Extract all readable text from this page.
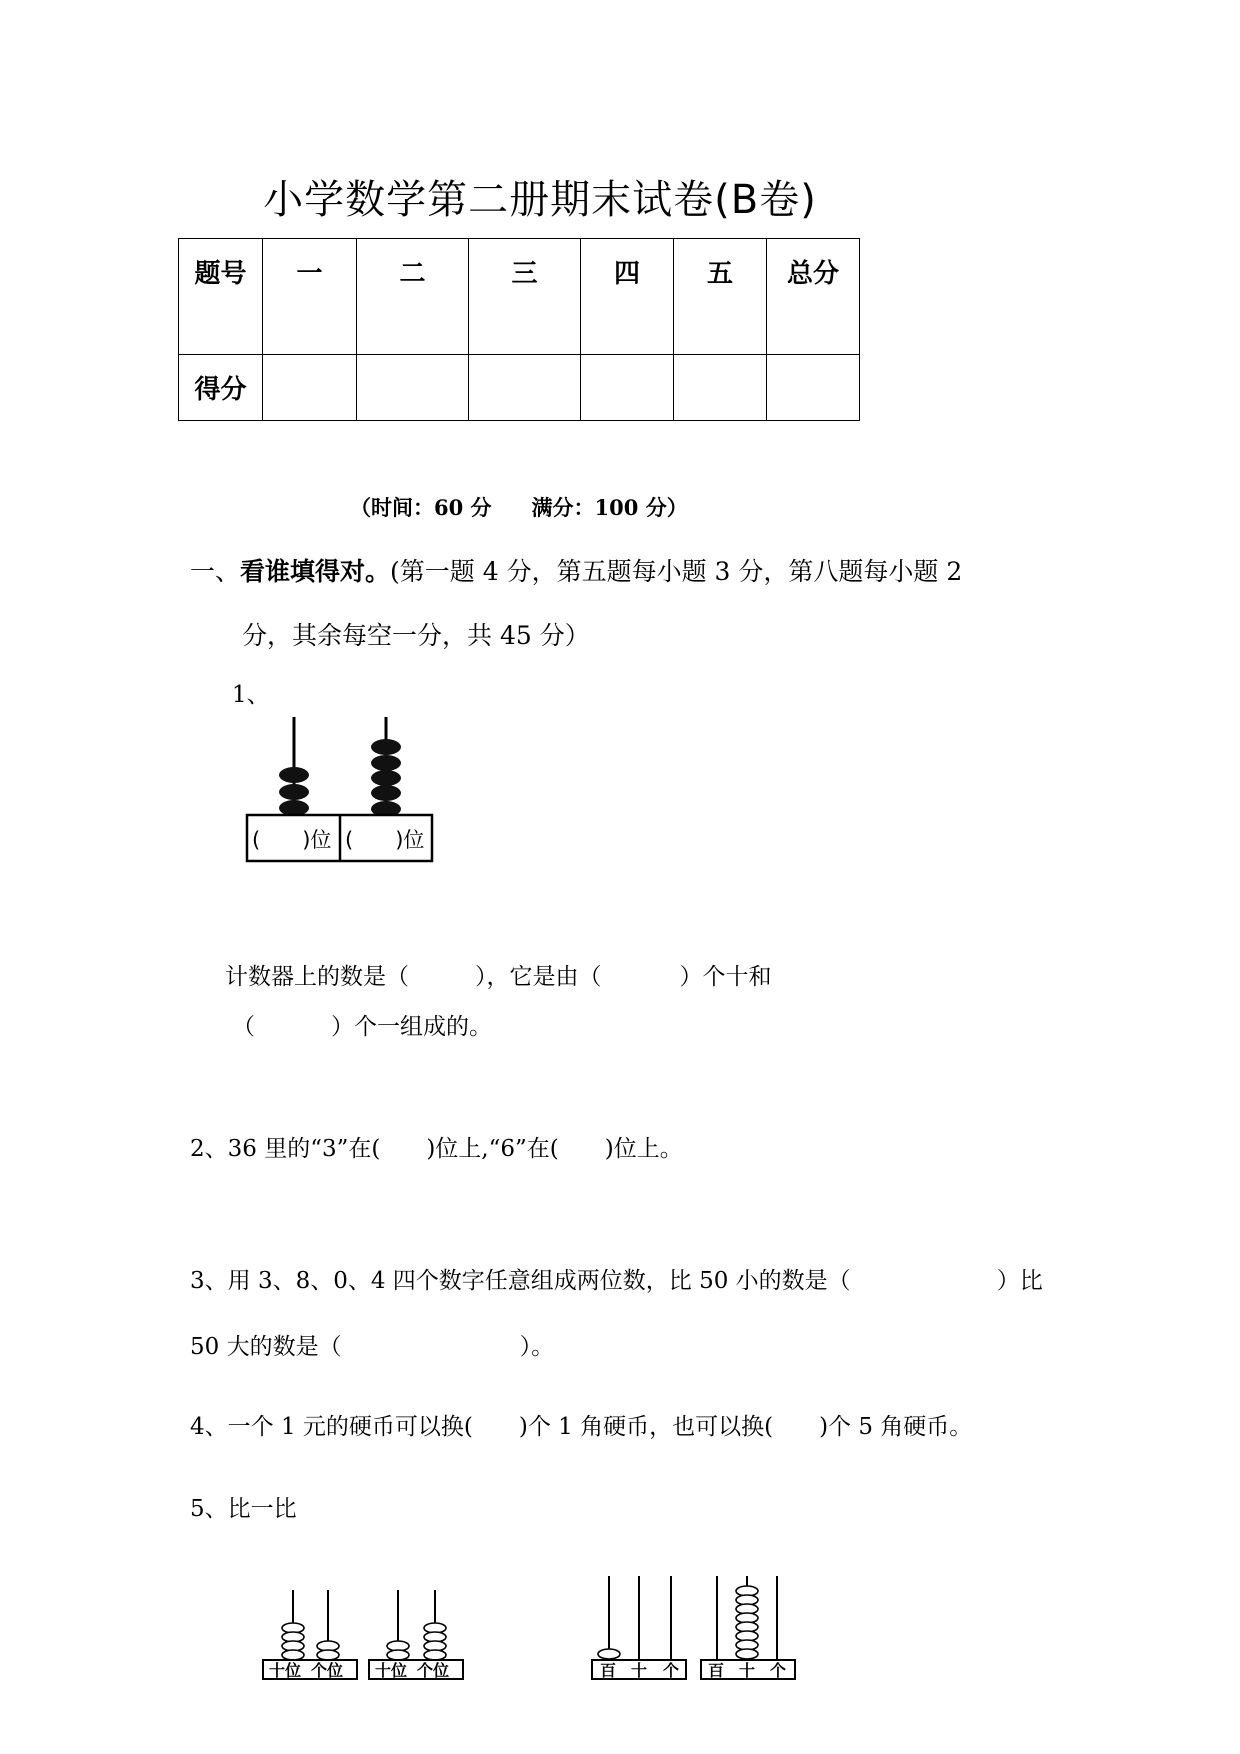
小学数学第二册期末试卷(B卷)
题号	一	二	三	四	五	总分
得分						
（时间：60 分 满分：100 分）
一、看谁填得对。(第一题 4 分，第五题每小题 3 分，第八题每小题 2
分，其余每空一分，共 45 分）
1、
(　　)位 (　　)位
计数器上的数是（	），它是由（	）个十和
（	）个一组成的。
2、36 里的“3”在(　　)位上,“6”在(　　)位上。
3、用 3、8、0、4 四个数字任意组成两位数，比 50 小的数是（	）比
50 大的数是（	）。
4、一个 1 元的硬币可以换(　　)个 1 角硬币，也可以换(　　)个 5 角硬币。
5、比一比
十位 个位 十位 个位	百 十 个 百 十 个
